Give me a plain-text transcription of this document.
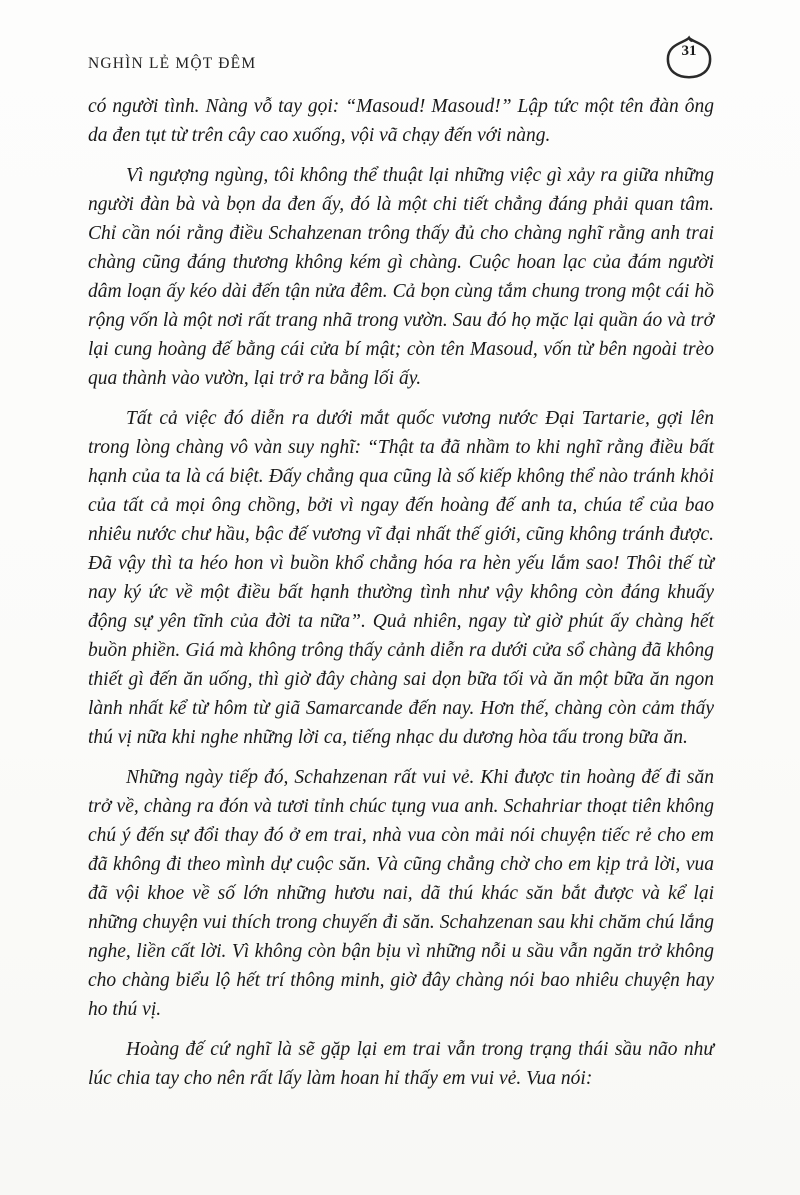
NGHÌN LẺ MỘT ĐÊM
31

có người tình. Nàng vỗ tay gọi: “Masoud! Masoud!” Lập tức một tên đàn ông da đen tụt từ trên cây cao xuống, vội vã chạy đến với nàng.

Vì ngượng ngùng, tôi không thể thuật lại những việc gì xảy ra giữa những người đàn bà và bọn da đen ấy, đó là một chi tiết chẳng đáng phải quan tâm. Chỉ cần nói rằng điều Schahzenan trông thấy đủ cho chàng nghĩ rằng anh trai chàng cũng đáng thương không kém gì chàng. Cuộc hoan lạc của đám người dâm loạn ấy kéo dài đến tận nửa đêm. Cả bọn cùng tắm chung trong một cái hồ rộng vốn là một nơi rất trang nhã trong vườn. Sau đó họ mặc lại quần áo và trở lại cung hoàng đế bằng cái cửa bí mật; còn tên Masoud, vốn từ bên ngoài trèo qua thành vào vườn, lại trở ra bằng lối ấy.

Tất cả việc đó diễn ra dưới mắt quốc vương nước Đại Tartarie, gợi lên trong lòng chàng vô vàn suy nghĩ: “Thật ta đã nhầm to khi nghĩ rằng điều bất hạnh của ta là cá biệt. Đấy chẳng qua cũng là số kiếp không thể nào tránh khỏi của tất cả mọi ông chồng, bởi vì ngay đến hoàng đế anh ta, chúa tể của bao nhiêu nước chư hầu, bậc đế vương vĩ đại nhất thế giới, cũng không tránh được. Đã vậy thì ta héo hon vì buồn khổ chẳng hóa ra hèn yếu lắm sao! Thôi thế từ nay ký ức về một điều bất hạnh thường tình như vậy không còn đáng khuấy động sự yên tĩnh của đời ta nữa”. Quả nhiên, ngay từ giờ phút ấy chàng hết buồn phiền. Giá mà không trông thấy cảnh diễn ra dưới cửa sổ chàng đã không thiết gì đến ăn uống, thì giờ đây chàng sai dọn bữa tối và ăn một bữa ăn ngon lành nhất kể từ hôm từ giã Samarcande đến nay. Hơn thế, chàng còn cảm thấy thú vị nữa khi nghe những lời ca, tiếng nhạc du dương hòa tấu trong bữa ăn.

Những ngày tiếp đó, Schahzenan rất vui vẻ. Khi được tin hoàng đế đi săn trở về, chàng ra đón và tươi tỉnh chúc tụng vua anh. Schahriar thoạt tiên không chú ý đến sự đổi thay đó ở em trai, nhà vua còn mải nói chuyện tiếc rẻ cho em đã không đi theo mình dự cuộc săn. Và cũng chẳng chờ cho em kịp trả lời, vua đã vội khoe về số lớn những hươu nai, dã thú khác săn bắt được và kể lại những chuyện vui thích trong chuyến đi săn. Schahzenan sau khi chăm chú lắng nghe, liền cất lời. Vì không còn bận bịu vì những nỗi u sầu vẫn ngăn trở không cho chàng biểu lộ hết trí thông minh, giờ đây chàng nói bao nhiêu chuyện hay ho thú vị.

Hoàng đế cứ nghĩ là sẽ gặp lại em trai vẫn trong trạng thái sầu não như lúc chia tay cho nên rất lấy làm hoan hỉ thấy em vui vẻ. Vua nói:
